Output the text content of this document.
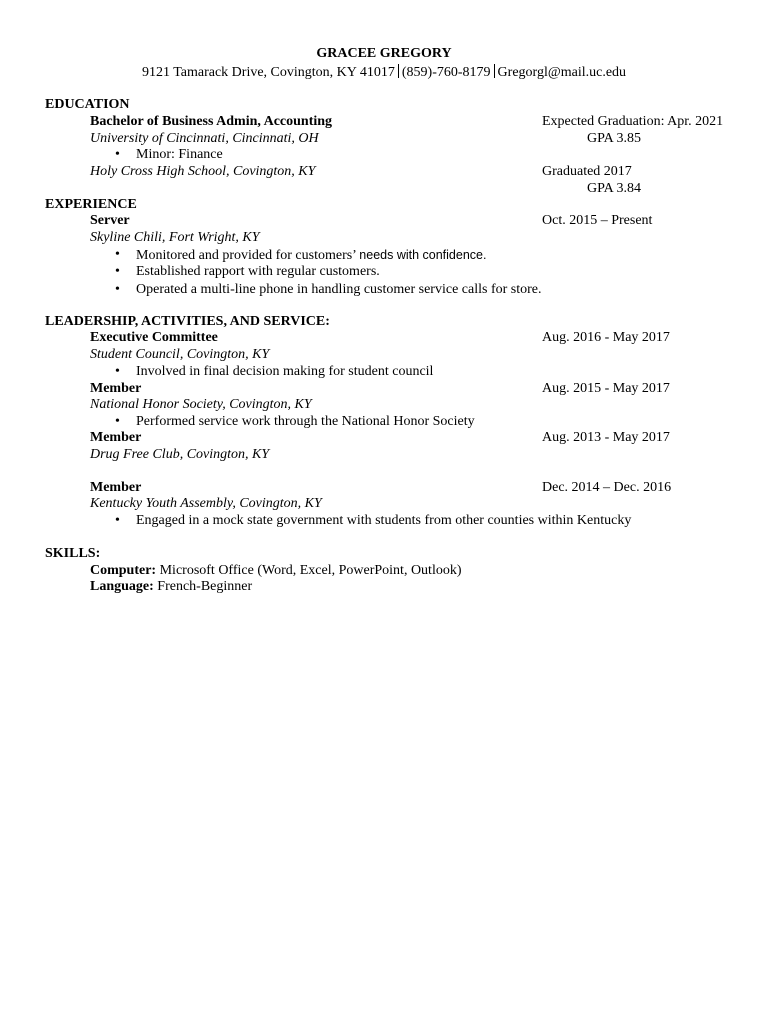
GRACEE GREGORY
9121 Tamarack Drive, Covington, KY 41017 (859)-760-8179 Gregorgl@mail.uc.edu
EDUCATION
Bachelor of Business Admin, Accounting	Expected Graduation: Apr. 2021
University of Cincinnati, Cincinnati, OH	GPA 3.85
• Minor: Finance
Holy Cross High School, Covington, KY	Graduated 2017
GPA 3.84
EXPERIENCE
Server	Oct. 2015 – Present
Skyline Chili, Fort Wright, KY
• Monitored and provided for customers’ needs with confidence.
• Established rapport with regular customers.
• Operated a multi-line phone in handling customer service calls for store.
LEADERSHIP, ACTIVITIES, AND SERVICE:
Executive Committee	Aug. 2016 - May 2017
Student Council, Covington, KY
• Involved in final decision making for student council
Member	Aug. 2015 - May 2017
National Honor Society, Covington, KY
• Performed service work through the National Honor Society
Member	Aug. 2013 - May 2017
Drug Free Club, Covington, KY
Member	Dec. 2014 – Dec. 2016
Kentucky Youth Assembly, Covington, KY
• Engaged in a mock state government with students from other counties within Kentucky
SKILLS:
Computer: Microsoft Office (Word, Excel, PowerPoint, Outlook)
Language: French-Beginner
